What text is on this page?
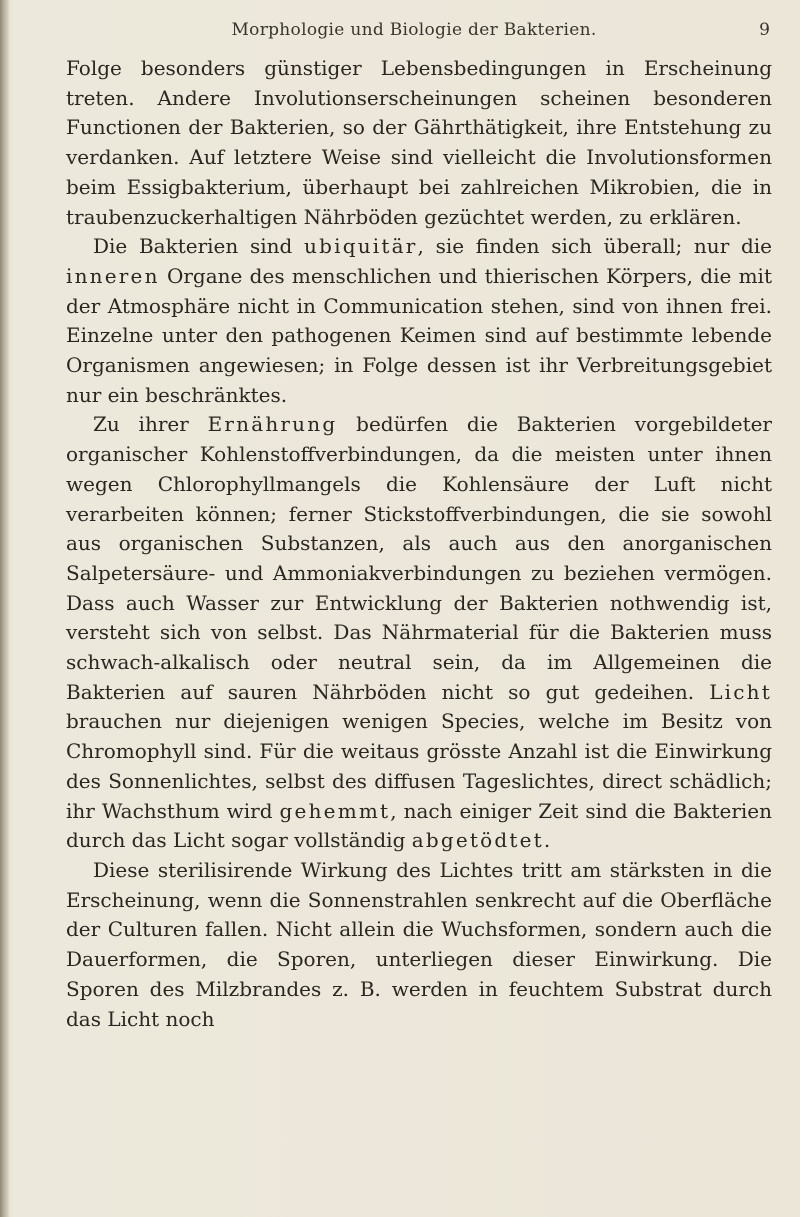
Morphologie und Biologie der Bakterien.	9

Folge besonders günstiger Lebensbedingungen in Erscheinung treten. Andere Involutionserscheinungen scheinen besonderen Functionen der Bakterien, so der Gährthätigkeit, ihre Entstehung zu verdanken. Auf letztere Weise sind vielleicht die Involutionsformen beim Essigbakterium, überhaupt bei zahlreichen Mikrobien, die in traubenzuckerhaltigen Nährböden gezüchtet werden, zu erklären.

Die Bakterien sind ubiquitär, sie finden sich überall; nur die inneren Organe des menschlichen und thierischen Körpers, die mit der Atmosphäre nicht in Communication stehen, sind von ihnen frei. Einzelne unter den pathogenen Keimen sind auf bestimmte lebende Organismen angewiesen; in Folge dessen ist ihr Verbreitungsgebiet nur ein beschränktes.

Zu ihrer Ernährung bedürfen die Bakterien vorgebildeter organischer Kohlenstoffverbindungen, da die meisten unter ihnen wegen Chlorophyllmangels die Kohlensäure der Luft nicht verarbeiten können; ferner Stickstoffverbindungen, die sie sowohl aus organischen Substanzen, als auch aus den anorganischen Salpetersäure- und Ammoniakverbindungen zu beziehen vermögen. Dass auch Wasser zur Entwicklung der Bakterien nothwendig ist, versteht sich von selbst. Das Nährmaterial für die Bakterien muss schwach-alkalisch oder neutral sein, da im Allgemeinen die Bakterien auf sauren Nährböden nicht so gut gedeihen. Licht brauchen nur diejenigen wenigen Species, welche im Besitz von Chromophyll sind. Für die weitaus grösste Anzahl ist die Einwirkung des Sonnenlichtes, selbst des diffusen Tageslichtes, direct schädlich; ihr Wachsthum wird gehemmt, nach einiger Zeit sind die Bakterien durch das Licht sogar vollständig abgetödtet.

Diese sterilisirende Wirkung des Lichtes tritt am stärksten in die Erscheinung, wenn die Sonnenstrahlen senkrecht auf die Oberfläche der Culturen fallen. Nicht allein die Wuchsformen, sondern auch die Dauerformen, die Sporen, unterliegen dieser Einwirkung. Die Sporen des Milzbrandes z. B. werden in feuchtem Substrat durch das Licht noch
